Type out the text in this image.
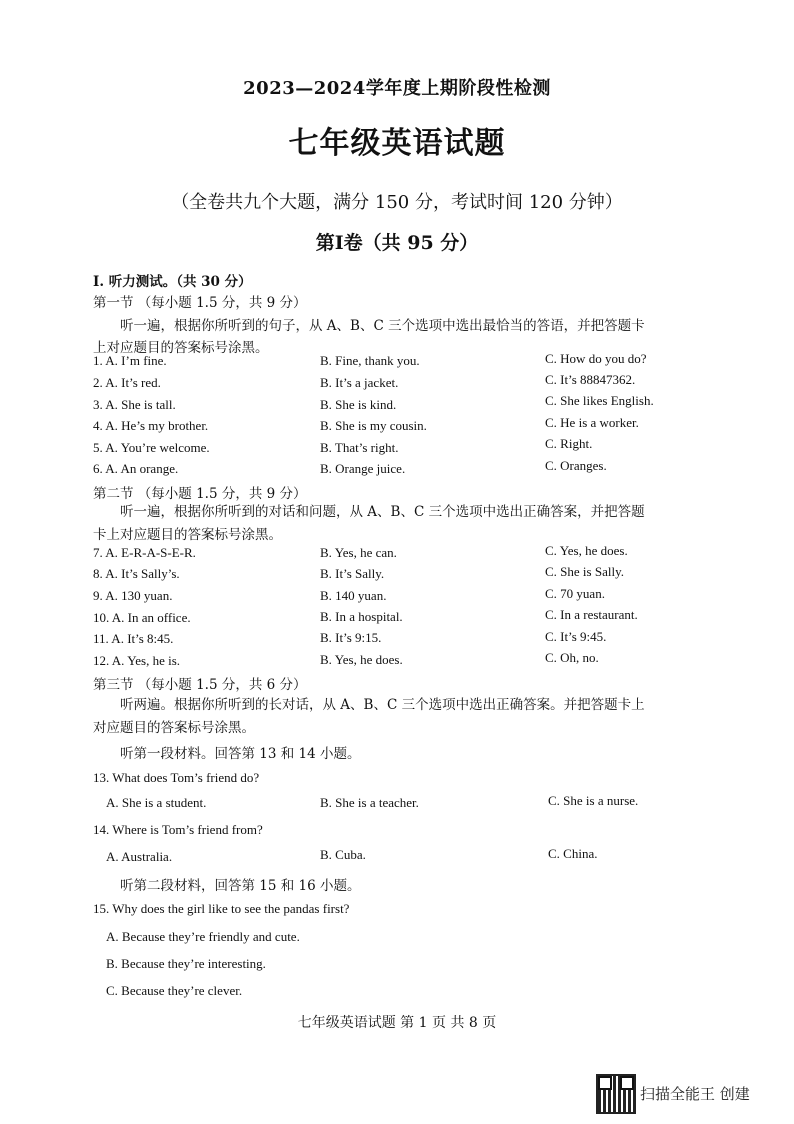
2023—2024学年度上期阶段性检测
七年级英语试题
（全卷共九个大题，满分 150 分，考试时间 120 分钟）
第Ⅰ卷（共 95 分）
Ⅰ. 听力测试。（共 30 分）
第一节 （每小题 1.5 分，共 9 分）
听一遍，根据你所听到的句子，从 A、B、C 三个选项中选出最恰当的答语，并把答题卡
上对应题目的答案标号涂黑。
1. A. I’m fine.	B. Fine, thank you.	C. How do you do?
2. A. It’s red.	B. It’s a jacket.	C. It’s 88847362.
3. A. She is tall.	B. She is kind.	C. She likes English.
4. A. He’s my brother.	B. She is my cousin.	C. He is a worker.
5. A. You’re welcome.	B. That’s right.	C. Right.
6. A. An orange.	B. Orange juice.	C. Oranges.
第二节 （每小题 1.5 分，共 9 分）
听一遍，根据你所听到的对话和问题，从 A、B、C 三个选项中选出正确答案，并把答题
卡上对应题目的答案标号涂黑。
7. A. E-R-A-S-E-R.	B. Yes, he can.	C. Yes, he does.
8. A. It’s Sally’s.	B. It’s Sally.	C. She is Sally.
9. A. 130 yuan.	B. 140 yuan.	C. 70 yuan.
10. A. In an office.	B. In a hospital.	C. In a restaurant.
11. A. It’s 8:45.	B. It’s 9:15.	C. It’s 9:45.
12. A. Yes, he is.	B. Yes, he does.	C. Oh, no.
第三节 （每小题 1.5 分，共 6 分）
听两遍。根据你所听到的长对话，从 A、B、C 三个选项中选出正确答案。并把答题卡上
对应题目的答案标号涂黑。
听第一段材料。回答第 13 和 14 小题。
13. What does Tom’s friend do?
A. She is a student.	B. She is a teacher.	C. She is a nurse.
14. Where is Tom’s friend from?
A. Australia.	B. Cuba.	C. China.
听第二段材料，回答第 15 和 16 小题。
15. Why does the girl like to see the pandas first?
A. Because they’re friendly and cute.
B. Because they’re interesting.
C. Because they’re clever.
七年级英语试题 第 1 页 共 8 页
扫描全能王 创建
